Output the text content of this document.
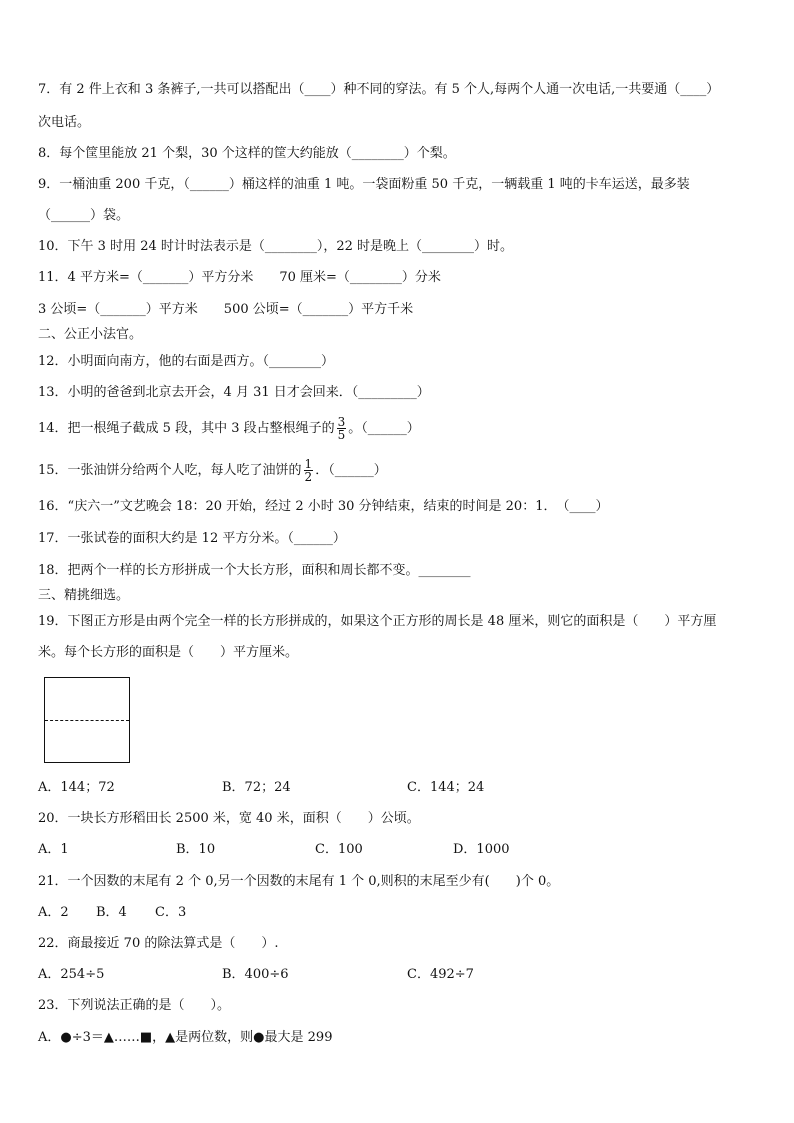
7．有 2 件上衣和 3 条裤子,一共可以搭配出（____）种不同的穿法。有 5 个人,每两个人通一次电话,一共要通（____）
次电话。
8．每个筐里能放 21 个梨，30 个这样的筐大约能放（________）个梨。
9．一桶油重 200 千克，（______）桶这样的油重 1 吨。一袋面粉重 50 千克，一辆载重 1 吨的卡车运送，最多装
（______）袋。
10．下午 3 时用 24 时计时法表示是（________），22 时是晚上（________）时。
11．4 平方米=（_______）平方分米　　70 厘米=（________）分米
3 公顷=（_______）平方米　　500 公顷=（_______）平方千米
二、公正小法官。
12．小明面向南方，他的右面是西方。（________）
13．小明的爸爸到北京去开会，4 月 31 日才会回来．（_________）
14．把一根绳子截成 5 段，其中 3 段占整根绳子的 $\frac{3}{5}$ 。（______）
15．一张油饼分给两个人吃，每人吃了油饼的 $\frac{1}{2}$ ．（______）
16．“庆六一”文艺晚会 18：20 开始，经过 2 小时 30 分钟结束，结束的时间是 20：1．　（____）
17．一张试卷的面积大约是 12 平方分米。（______）
18．把两个一样的长方形拼成一个大长方形，面积和周长都不变。________
三、精挑细选。
19．下图正方形是由两个完全一样的长方形拼成的，如果这个正方形的周长是 48 厘米，则它的面积是（　　）平方厘
米。每个长方形的面积是（　　）平方厘米。
A．144；72	B．72；24	C．144；24
20．一块长方形稻田长 2500 米，宽 40 米，面积（　　）公顷。
A．1	B．10	C．100	D．1000
21．一个因数的末尾有 2 个 0,另一个因数的末尾有 1 个 0,则积的末尾至少有(　　)个 0。
A．2 B．4 C．3
22．商最接近 70 的除法算式是（　　）.
A．254÷5	B．400÷6	C．492÷7
23．下列说法正确的是（　　）。
A．●÷3＝▲……■，▲是两位数，则●最大是 299
